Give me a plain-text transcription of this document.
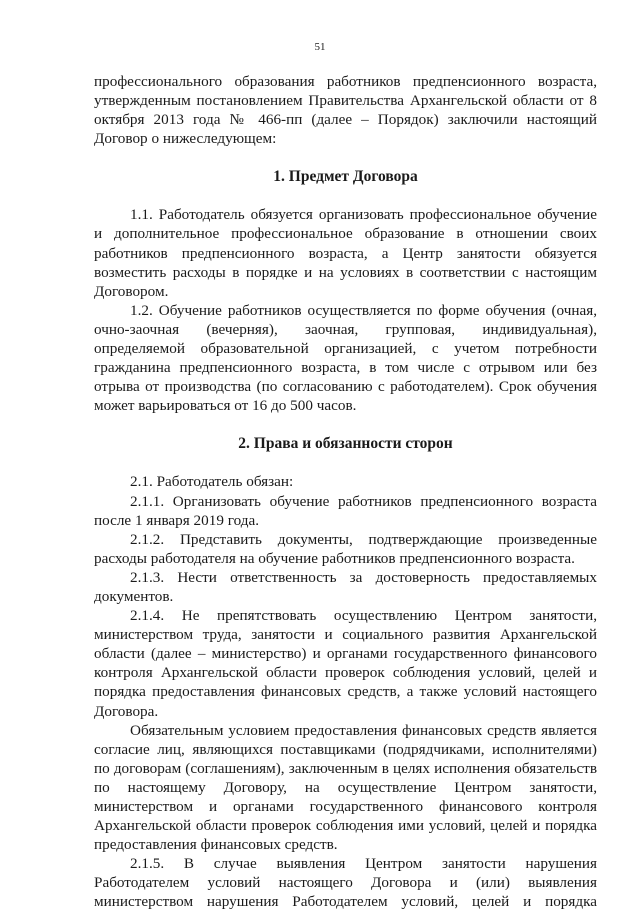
51

профессионального образования работников предпенсионного возраста, утвержденным постановлением Правительства Архангельской области от 8 октября 2013 года № 466-пп (далее – Порядок) заключили настоящий Договор о нижеследующем:

1. Предмет Договора

1.1. Работодатель обязуется организовать профессиональное обучение и дополнительное профессиональное образование в отношении своих работников предпенсионного возраста, а Центр занятости обязуется возместить расходы в порядке и на условиях в соответствии с настоящим Договором.

1.2. Обучение работников осуществляется по форме обучения (очная, очно-заочная (вечерняя), заочная, групповая, индивидуальная), определяемой образовательной организацией, с учетом потребности гражданина предпенсионного возраста, в том числе с отрывом или без отрыва от производства (по согласованию с работодателем). Срок обучения может варьироваться от 16 до 500 часов.

2. Права и обязанности сторон

2.1. Работодатель обязан:

2.1.1. Организовать обучение работников предпенсионного возраста после 1 января 2019 года.

2.1.2. Представить документы, подтверждающие произведенные расходы работодателя на обучение работников предпенсионного возраста.

2.1.3. Нести ответственность за достоверность предоставляемых документов.

2.1.4. Не препятствовать осуществлению Центром занятости, министерством труда, занятости и социального развития Архангельской области (далее – министерство) и органами государственного финансового контроля Архангельской области проверок соблюдения условий, целей и порядка предоставления финансовых средств, а также условий настоящего Договора.

Обязательным условием предоставления финансовых средств является согласие лиц, являющихся поставщиками (подрядчиками, исполнителями) по договорам (соглашениям), заключенным в целях исполнения обязательств по настоящему Договору, на осуществление Центром занятости, министерством и органами государственного финансового контроля Архангельской области проверок соблюдения ими условий, целей и порядка предоставления финансовых средств.

2.1.5. В случае выявления Центром занятости нарушения Работодателем условий настоящего Договора и (или) выявления министерством нарушения Работодателем условий, целей и порядка
